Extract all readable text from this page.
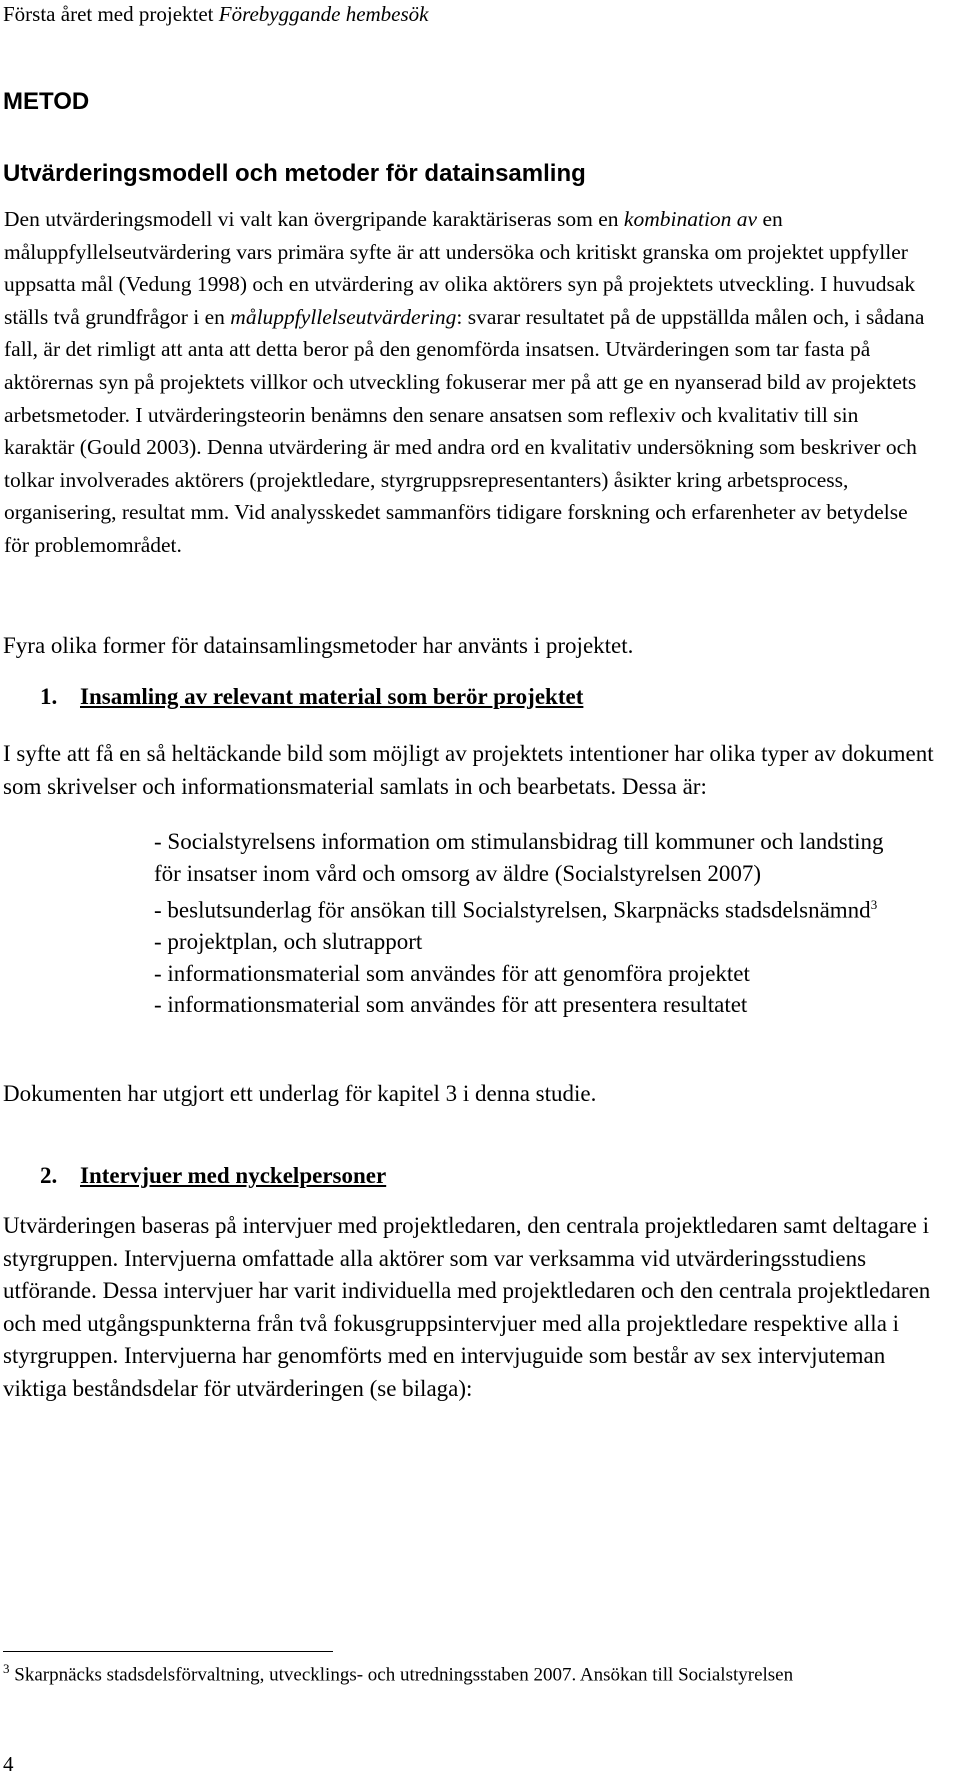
Första året med projektet Förebyggande hembesök
METOD
Utvärderingsmodell och metoder för datainsamling

Den utvärderingsmodell vi valt kan övergripande karaktäriseras som en kombination av en måluppfyllelseutvärdering vars primära syfte är att undersöka och kritiskt granska om projektet uppfyller uppsatta mål (Vedung 1998) och en utvärdering av olika aktörers syn på projektets utveckling. I huvudsak ställs två grundfrågor i en måluppfyllelseutvärdering: svarar resultatet på de uppställda målen och, i sådana fall, är det rimligt att anta att detta beror på den genomförda insatsen. Utvärderingen som tar fasta på aktörernas syn på projektets villkor och utveckling fokuserar mer på att ge en nyanserad bild av projektets arbetsmetoder. I utvärderingsteorin benämns den senare ansatsen som reflexiv och kvalitativ till sin karaktär (Gould 2003). Denna utvärdering är med andra ord en kvalitativ undersökning som beskriver och tolkar involverades aktörers (projektledare, styrgruppsrepresentanters) åsikter kring arbetsprocess, organisering, resultat mm. Vid analysskedet sammanförs tidigare forskning och erfarenheter av betydelse för problemområdet.

Fyra olika former för datainsamlingsmetoder har använts i projektet.

1. Insamling av relevant material som berör projektet

I syfte att få en så heltäckande bild som möjligt av projektets intentioner har olika typer av dokument som skrivelser och informationsmaterial samlats in och bearbetats. Dessa är:

- Socialstyrelsens information om stimulansbidrag till kommuner och landsting för insatser inom vård och omsorg av äldre (Socialstyrelsen 2007)
- beslutsunderlag för ansökan till Socialstyrelsen, Skarpnäcks stadsdelsnämnd$^3$
- projektplan, och slutrapport
- informationsmaterial som användes för att genomföra projektet
- informationsmaterial som användes för att presentera resultatet

Dokumenten har utgjort ett underlag för kapitel 3 i denna studie.

2. Intervjuer med nyckelpersoner

Utvärderingen baseras på intervjuer med projektledaren, den centrala projektledaren samt deltagare i styrgruppen. Intervjuerna omfattade alla aktörer som var verksamma vid utvärderingsstudiens utförande. Dessa intervjuer har varit individuella med projektledaren och den centrala projektledaren och med utgångspunkterna från två fokusgruppsintervjuer med alla projektledare respektive alla i styrgruppen. Intervjuerna har genomförts med en intervjuguide som består av sex intervjuteman viktiga beståndsdelar för utvärderingen (se bilaga):

$^3$ Skarpnäcks stadsdelsförvaltning, utvecklings- och utredningsstaben 2007. Ansökan till Socialstyrelsen
4
